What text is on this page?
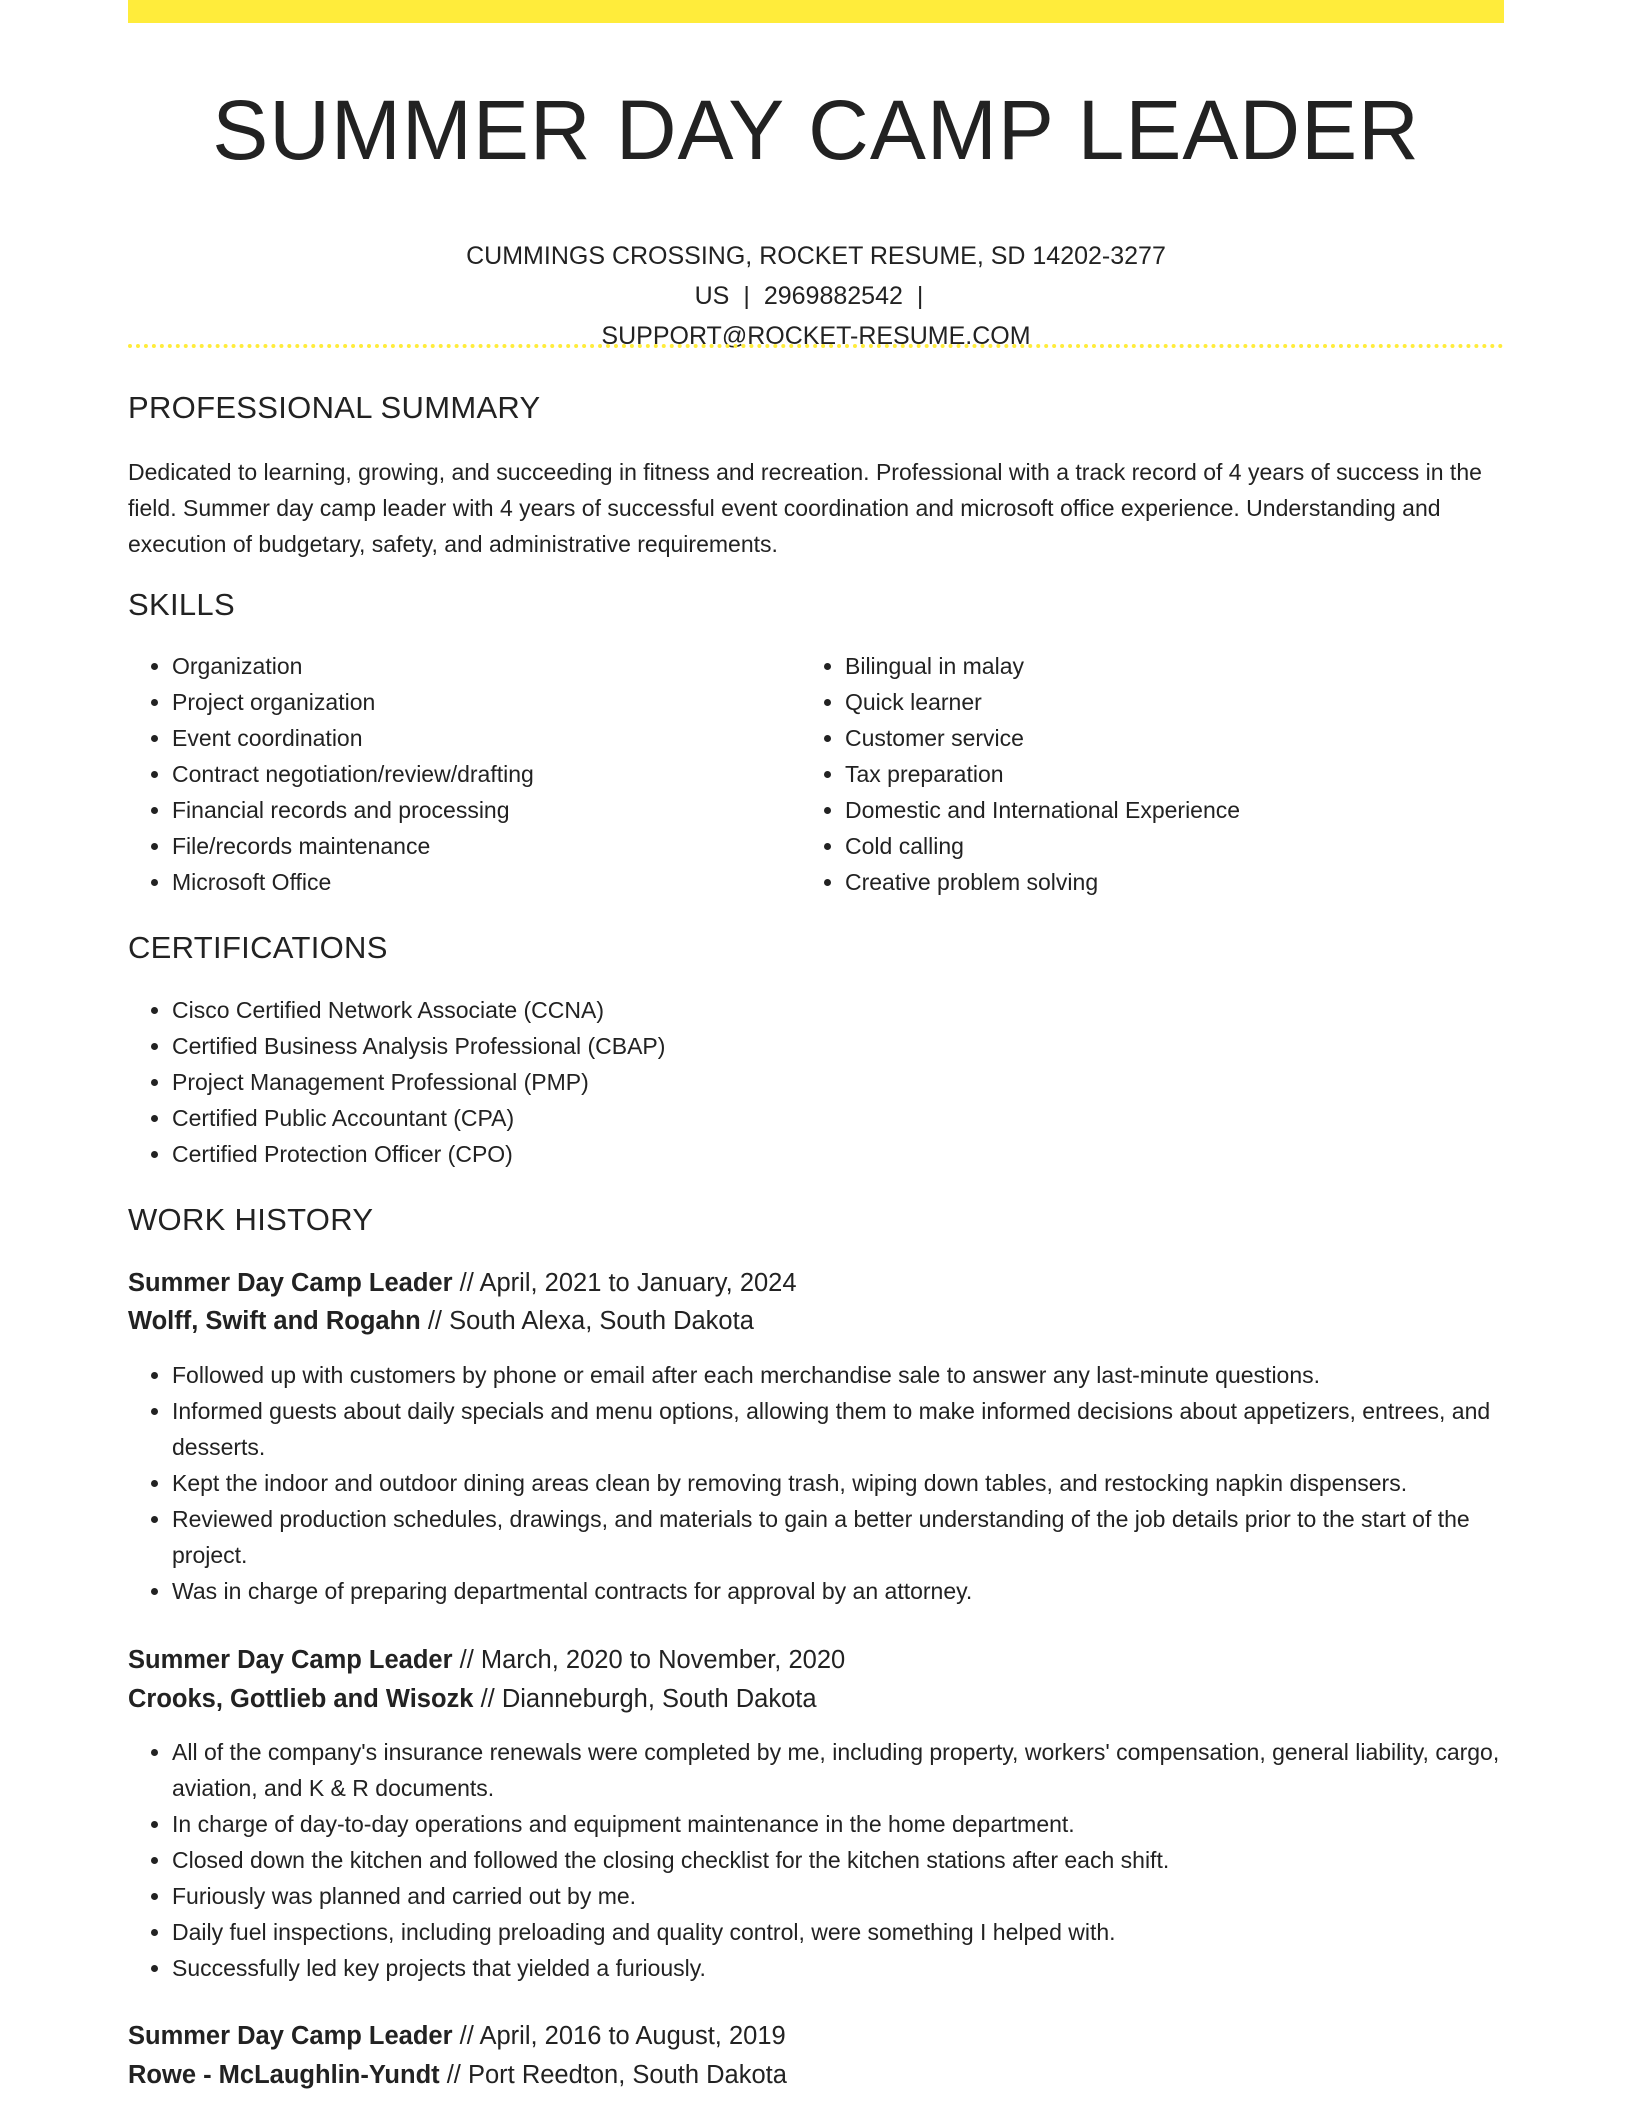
SUMMER DAY CAMP LEADER
CUMMINGS CROSSING, ROCKET RESUME, SD 14202-3277 US | 2969882542 |
SUPPORT@ROCKET-RESUME.COM
PROFESSIONAL SUMMARY

Dedicated to learning, growing, and succeeding in fitness and recreation. Professional with a track record of 4 years of success in the field. Summer day camp leader with 4 years of successful event coordination and microsoft office experience. Understanding and execution of budgetary, safety, and administrative requirements.

SKILLS
• Organization
• Project organization
• Event coordination
• Contract negotiation/review/drafting
• Financial records and processing
• File/records maintenance
• Microsoft Office
• Bilingual in malay
• Quick learner
• Customer service
• Tax preparation
• Domestic and International Experience
• Cold calling
• Creative problem solving
CERTIFICATIONS
• Cisco Certified Network Associate (CCNA)
• Certified Business Analysis Professional (CBAP)
• Project Management Professional (PMP)
• Certified Public Accountant (CPA)
• Certified Protection Officer (CPO)
WORK HISTORY
Summer Day Camp Leader // April, 2021 to January, 2024
Wolff, Swift and Rogahn // South Alexa, South Dakota
• Followed up with customers by phone or email after each merchandise sale to answer any last-minute questions.
• Informed guests about daily specials and menu options, allowing them to make informed decisions about appetizers, entrees, and desserts.
• Kept the indoor and outdoor dining areas clean by removing trash, wiping down tables, and restocking napkin dispensers.
• Reviewed production schedules, drawings, and materials to gain a better understanding of the job details prior to the start of the project.
• Was in charge of preparing departmental contracts for approval by an attorney.
Summer Day Camp Leader // March, 2020 to November, 2020
Crooks, Gottlieb and Wisozk // Dianneburgh, South Dakota
• All of the company's insurance renewals were completed by me, including property, workers' compensation, general liability, cargo, aviation, and K & R documents.
• In charge of day-to-day operations and equipment maintenance in the home department.
• Closed down the kitchen and followed the closing checklist for the kitchen stations after each shift.
• Furiously was planned and carried out by me.
• Daily fuel inspections, including preloading and quality control, were something I helped with.
• Successfully led key projects that yielded a furiously.
Summer Day Camp Leader // April, 2016 to August, 2019
Rowe - McLaughlin-Yundt // Port Reedton, South Dakota
